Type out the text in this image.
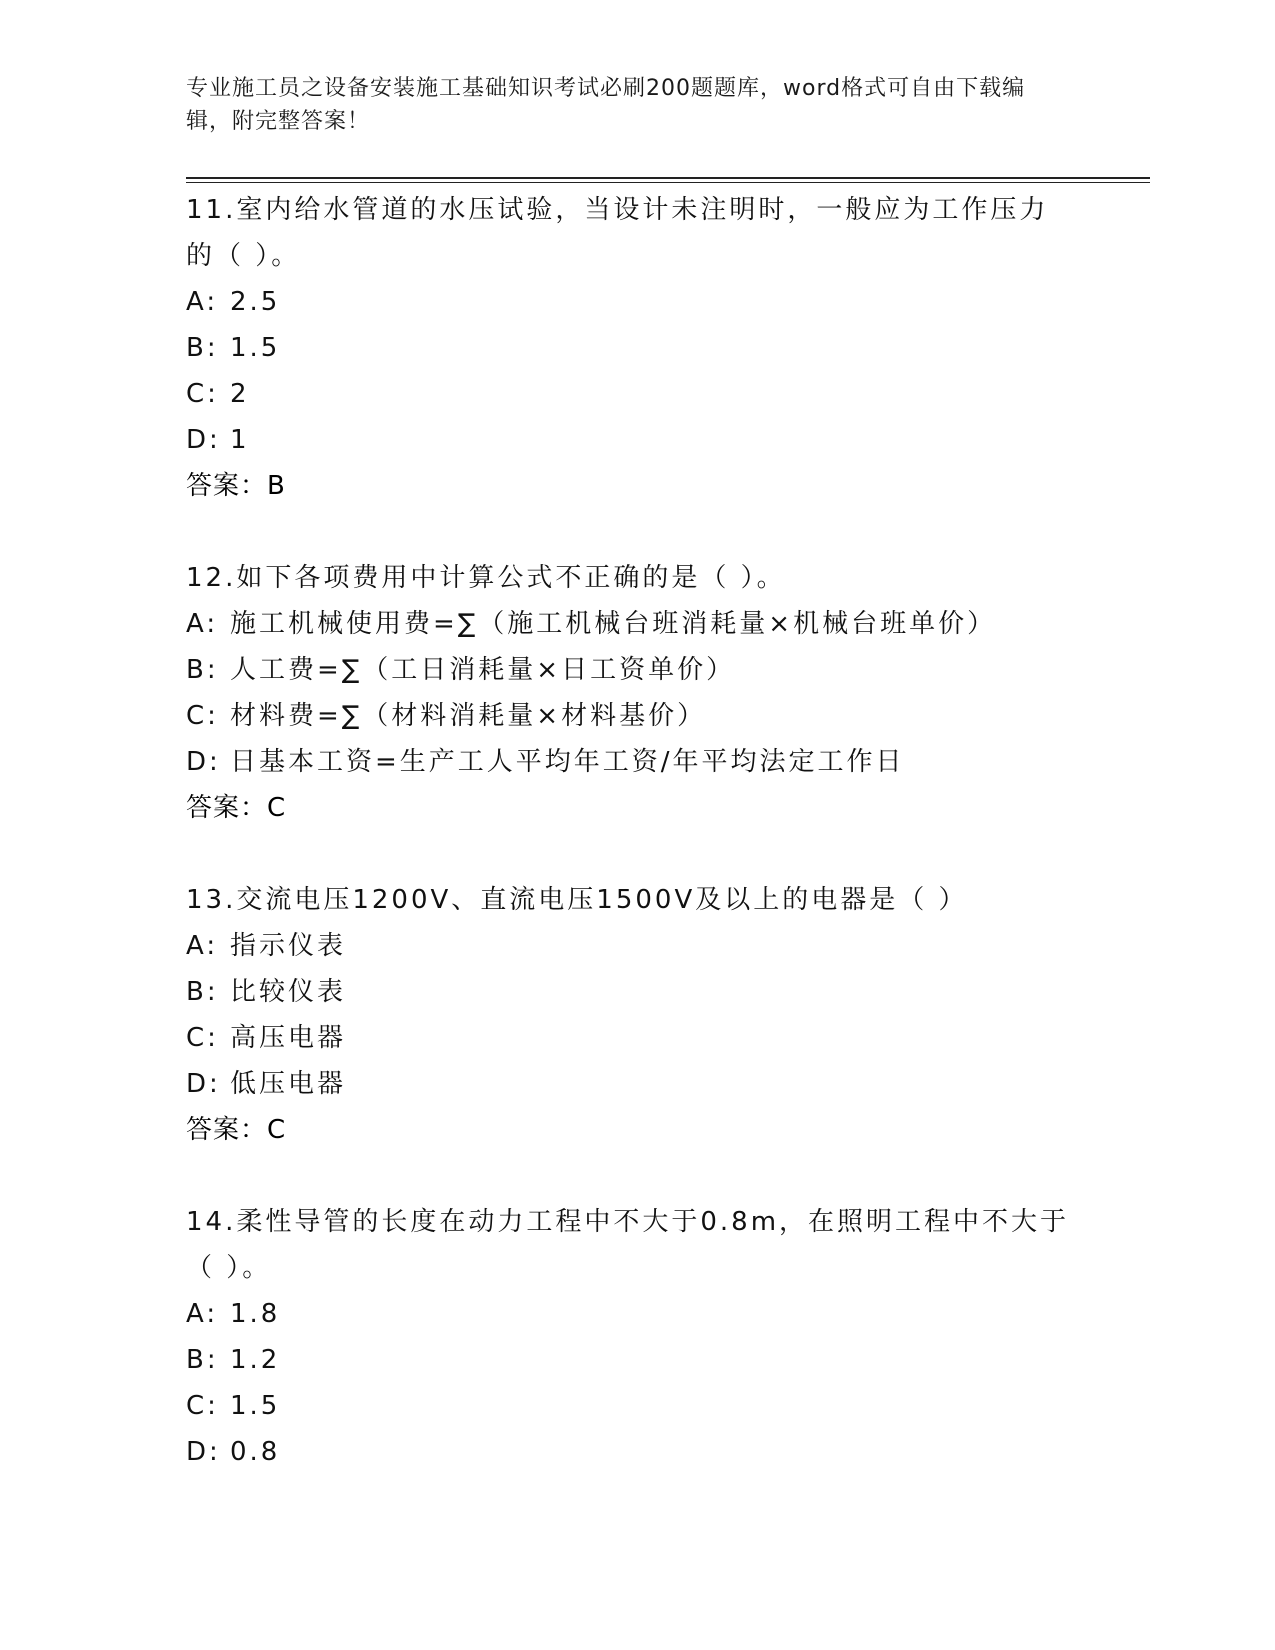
专业施工员之设备安装施工基础知识考试必刷200题题库，word格式可自由下载编辑，附完整答案！
11.室内给水管道的水压试验，当设计未注明时，一般应为工作压力的（ ）。
A: 2.5
B: 1.5
C: 2
D: 1
答案：B
12.如下各项费用中计算公式不正确的是（ ）。
A: 施工机械使用费=∑（施工机械台班消耗量×机械台班单价）
B: 人工费=∑（工日消耗量×日工资单价）
C: 材料费=∑（材料消耗量×材料基价）
D: 日基本工资=生产工人平均年工资/年平均法定工作日
答案：C
13.交流电压1200V、直流电压1500V及以上的电器是（ ）
A: 指示仪表
B: 比较仪表
C: 高压电器
D: 低压电器
答案：C
14.柔性导管的长度在动力工程中不大于0.8m，在照明工程中不大于（ ）。
A: 1.8
B: 1.2
C: 1.5
D: 0.8
